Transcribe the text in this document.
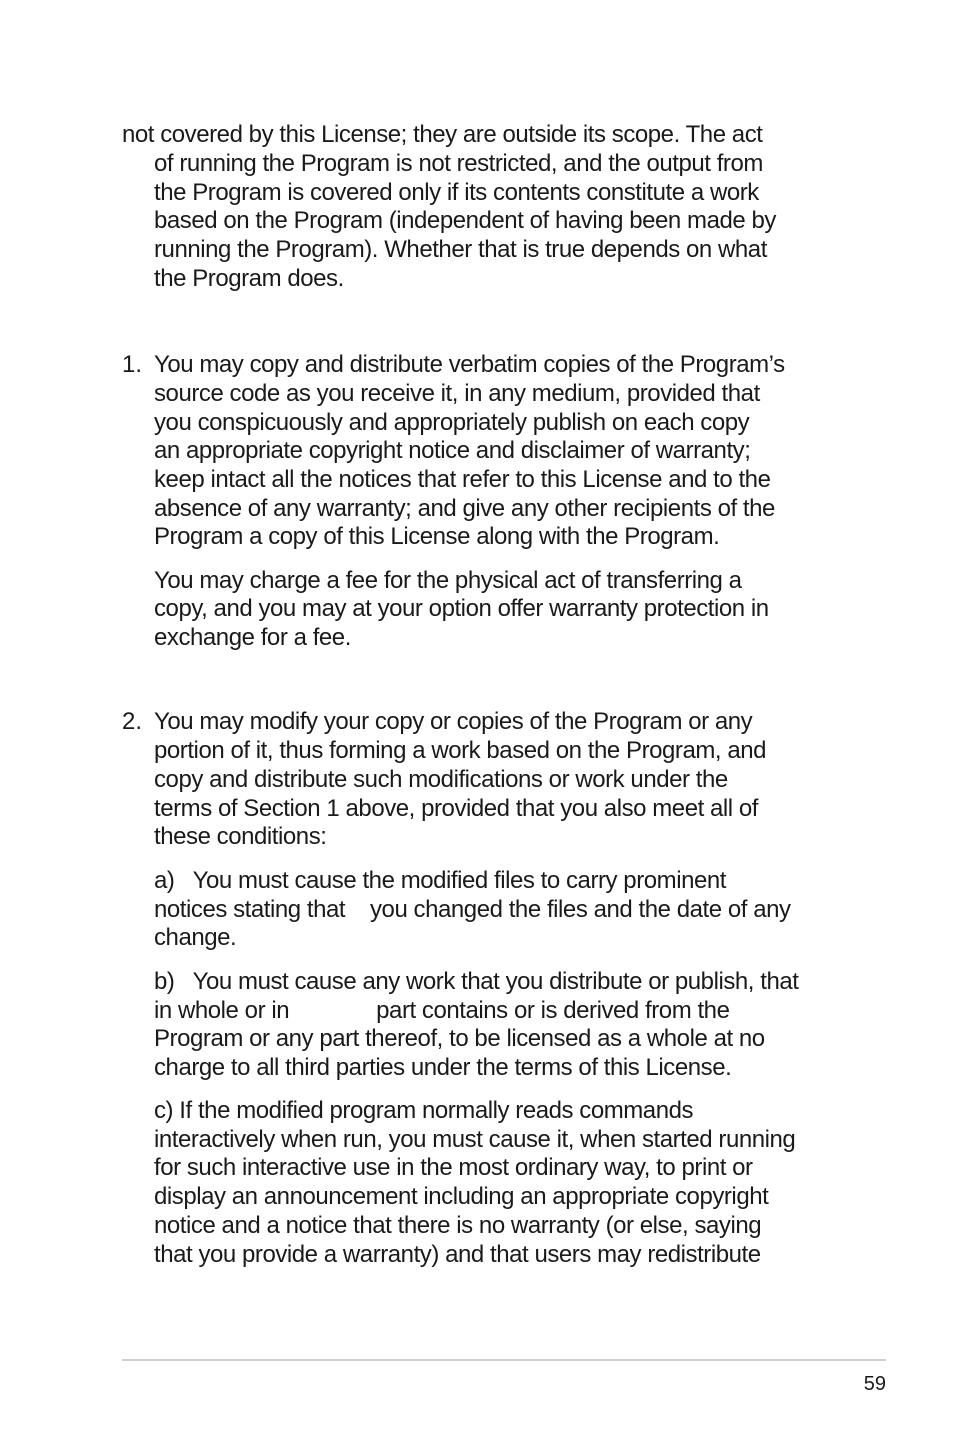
not covered by this License; they are outside its scope. The act
of running the Program is not restricted, and the output from
the Program is covered only if its contents constitute a work
based on the Program (independent of having been made by
running the Program). Whether that is true depends on what
the Program does.
1. You may copy and distribute verbatim copies of the Program’s
source code as you receive it, in any medium, provided that
you conspicuously and appropriately publish on each copy
an appropriate copyright notice and disclaimer of warranty;
keep intact all the notices that refer to this License and to the
absence of any warranty; and give any other recipients of the
Program a copy of this License along with the Program.
You may charge a fee for the physical act of transferring a
copy, and you may at your option offer warranty protection in
exchange for a fee.
2. You may modify your copy or copies of the Program or any
portion of it, thus forming a work based on the Program, and
copy and distribute such modifications or work under the
terms of Section 1 above, provided that you also meet all of
these conditions:
a)   You must cause the modified files to carry prominent
notices stating that    you changed the files and the date of any
change.
b)   You must cause any work that you distribute or publish, that
in whole or in              part contains or is derived from the
Program or any part thereof, to be licensed as a whole at no
charge to all third parties under the terms of this License.
c) If the modified program normally reads commands
interactively when run, you must cause it, when started running
for such interactive use in the most ordinary way, to print or
display an announcement including an appropriate copyright
notice and a notice that there is no warranty (or else, saying
that you provide a warranty) and that users may redistribute
59
